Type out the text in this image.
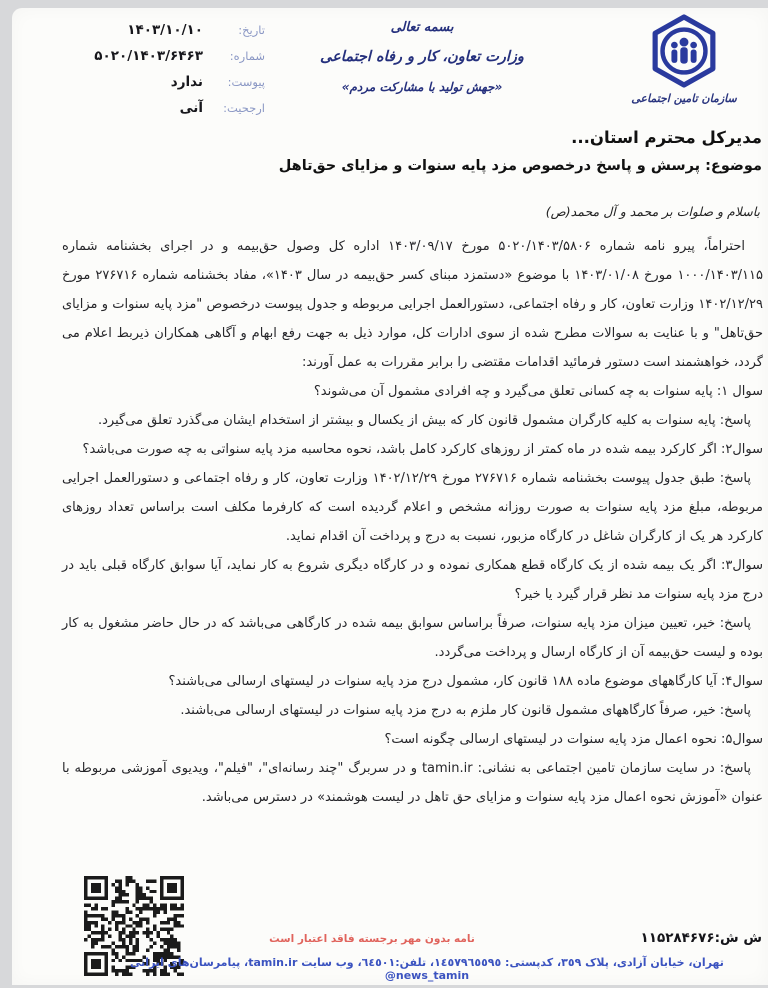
تاریخ:
۱۴۰۳/۱۰/۱۰
شماره:
۵۰۲۰/۱۴۰۳/۶۴۶۳
پیوست:
ندارد
ارجحیت:
آنی
بسمه تعالی
وزارت تعاون، کار و رفاه اجتماعی
«جهش تولید با مشارکت مردم»
سازمان تامین اجتماعی
مدیرکل محترم استان...
موضوع: پرسش و پاسخ درخصوص مزد پایه سنوات و مزایای حق‌تاهل
باسلام و صلوات بر محمد و آل محمد(ص)

احتراماً، پیرو نامه شماره ۵۰۲۰/۱۴۰۳/۵۸۰۶ مورخ ۱۴۰۳/۰۹/۱۷ اداره کل وصول حق‌بیمه و در اجرای بخشنامه شماره ۱۰۰۰/۱۴۰۳/۱۱۵ مورخ ۱۴۰۳/۰۱/۰۸ با موضوع «دستمزد مبنای کسر حق‌بیمه در سال ۱۴۰۳»، مفاد بخشنامه شماره ۲۷۶۷۱۶ مورخ ۱۴۰۲/۱۲/۲۹ وزارت تعاون، کار و رفاه اجتماعی، دستورالعمل اجرایی مربوطه و جدول پیوست درخصوص "مزد پایه سنوات و مزایای حق‌تاهل" و با عنایت به سوالات مطرح شده از سوی ادارات کل، موارد ذیل به جهت رفع ابهام و آگاهی همکاران ذیربط اعلام می گردد، خواهشمند است دستور فرمائید اقدامات مقتضی را برابر مقررات به عمل آورند:

سوال ۱: پایه سنوات به چه کسانی تعلق می‌گیرد و چه افرادی مشمول آن می‌شوند؟

پاسخ: پایه سنوات به کلیه کارگران مشمول قانون کار که بیش از یکسال و بیشتر از استخدام ایشان می‌گذرد تعلق می‌گیرد.

سوال۲: اگر کارکرد بیمه شده در ماه کمتر از روزهای کارکرد کامل باشد، نحوه محاسبه مزد پایه سنواتی به چه صورت می‌باشد؟

پاسخ: طبق جدول پیوست بخشنامه شماره ۲۷۶۷۱۶ مورخ ۱۴۰۲/۱۲/۲۹ وزارت تعاون، کار و رفاه اجتماعی و دستورالعمل اجرایی مربوطه، مبلغ مزد پایه سنوات به صورت روزانه مشخص و اعلام گردیده است که کارفرما مکلف است براساس تعداد روزهای کارکرد هر یک از کارگران شاغل در کارگاه مزبور، نسبت به درج و پرداخت آن اقدام نماید.

سوال۳: اگر یک بیمه شده از یک کارگاه قطع همکاری نموده و در کارگاه دیگری شروع به کار نماید، آیا سوابق کارگاه قبلی باید در درج مزد پایه سنوات مد نظر قرار گیرد یا خیر؟

پاسخ: خیر، تعیین میزان مزد پایه سنوات، صرفاً براساس سوابق بیمه شده در کارگاهی می‌باشد که در حال حاضر مشغول به کار بوده و لیست حق‌بیمه آن از کارگاه ارسال و پرداخت می‌گردد.

سوال۴: آیا کارگاههای موضوع ماده ۱۸۸ قانون کار، مشمول درج مزد پایه سنوات در لیستهای ارسالی می‌باشند؟

پاسخ: خیر، صرفاً کارگاههای مشمول قانون کار ملزم به درج مزد پایه سنوات در لیستهای ارسالی می‌باشند.

سوال۵: نحوه اعمال مزد پایه سنوات در لیستهای ارسالی چگونه است؟

پاسخ: در سایت سازمان تامین اجتماعی به نشانی: tamin.ir و در سربرگ "چند رسانه‌ای"، "فیلم"، ویدیوی آموزشی مربوطه با عنوان «آموزش نحوه اعمال مزد پایه سنوات و مزایای حق تاهل در لیست هوشمند» در دسترس می‌باشد.

ش ش:۱۱۵۲۸۴۶۷۶
نامه بدون مهر برجسته فاقد اعتبار است
تهران، خیابان آزادی، پلاک ٣٥٩، کدپستی: ١٤٥٧٩٦٥٥٩٥، تلفن:٦٤٥٠١، وب سایت tamin.ir، پیامرسان‌های ایرانی ‎@news_tamin
